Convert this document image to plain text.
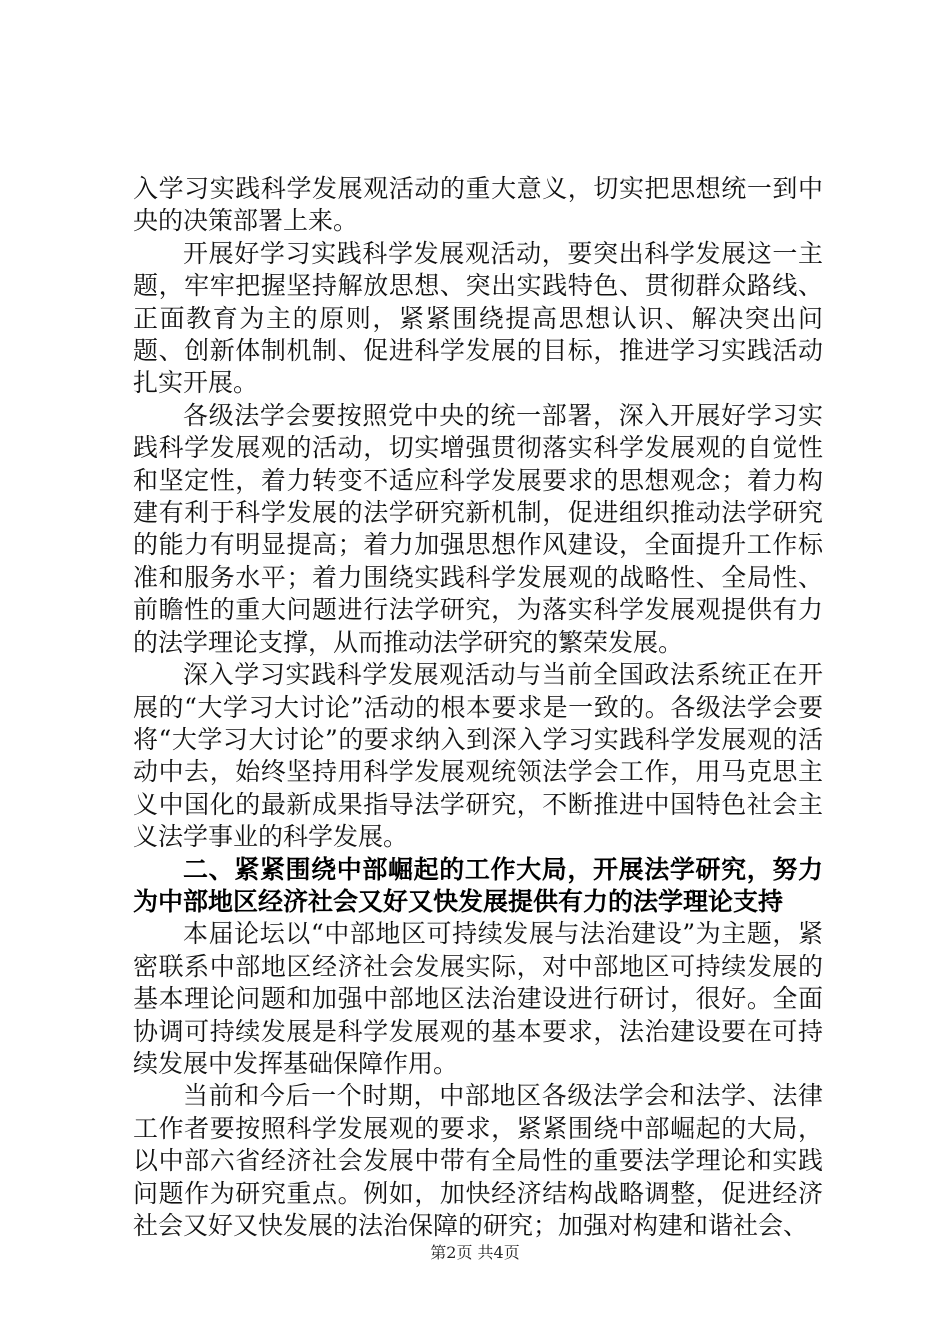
入学习实践科学发展观活动的重大意义，切实把思想统一到中央的决策部署上来。

开展好学习实践科学发展观活动，要突出科学发展这一主题，牢牢把握坚持解放思想、突出实践特色、贯彻群众路线、正面教育为主的原则，紧紧围绕提高思想认识、解决突出问题、创新体制机制、促进科学发展的目标，推进学习实践活动扎实开展。

各级法学会要按照党中央的统一部署，深入开展好学习实践科学发展观的活动，切实增强贯彻落实科学发展观的自觉性和坚定性，着力转变不适应科学发展要求的思想观念；着力构建有利于科学发展的法学研究新机制，促进组织推动法学研究的能力有明显提高；着力加强思想作风建设，全面提升工作标准和服务水平；着力围绕实践科学发展观的战略性、全局性、前瞻性的重大问题进行法学研究，为落实科学发展观提供有力的法学理论支撑，从而推动法学研究的繁荣发展。

深入学习实践科学发展观活动与当前全国政法系统正在开展的“大学习大讨论”活动的根本要求是一致的。各级法学会要将“大学习大讨论”的要求纳入到深入学习实践科学发展观的活动中去，始终坚持用科学发展观统领法学会工作，用马克思主义中国化的最新成果指导法学研究，不断推进中国特色社会主义法学事业的科学发展。

二、紧紧围绕中部崛起的工作大局，开展法学研究，努力为中部地区经济社会又好又快发展提供有力的法学理论支持

本届论坛以“中部地区可持续发展与法治建设”为主题，紧密联系中部地区经济社会发展实际，对中部地区可持续发展的基本理论问题和加强中部地区法治建设进行研讨，很好。全面协调可持续发展是科学发展观的基本要求，法治建设要在可持续发展中发挥基础保障作用。

当前和今后一个时期，中部地区各级法学会和法学、法律工作者要按照科学发展观的要求，紧紧围绕中部崛起的大局，以中部六省经济社会发展中带有全局性的重要法学理论和实践问题作为研究重点。例如，加快经济结构战略调整，促进经济社会又好又快发展的法治保障的研究；加强对构建和谐社会、

第2页 共4页
